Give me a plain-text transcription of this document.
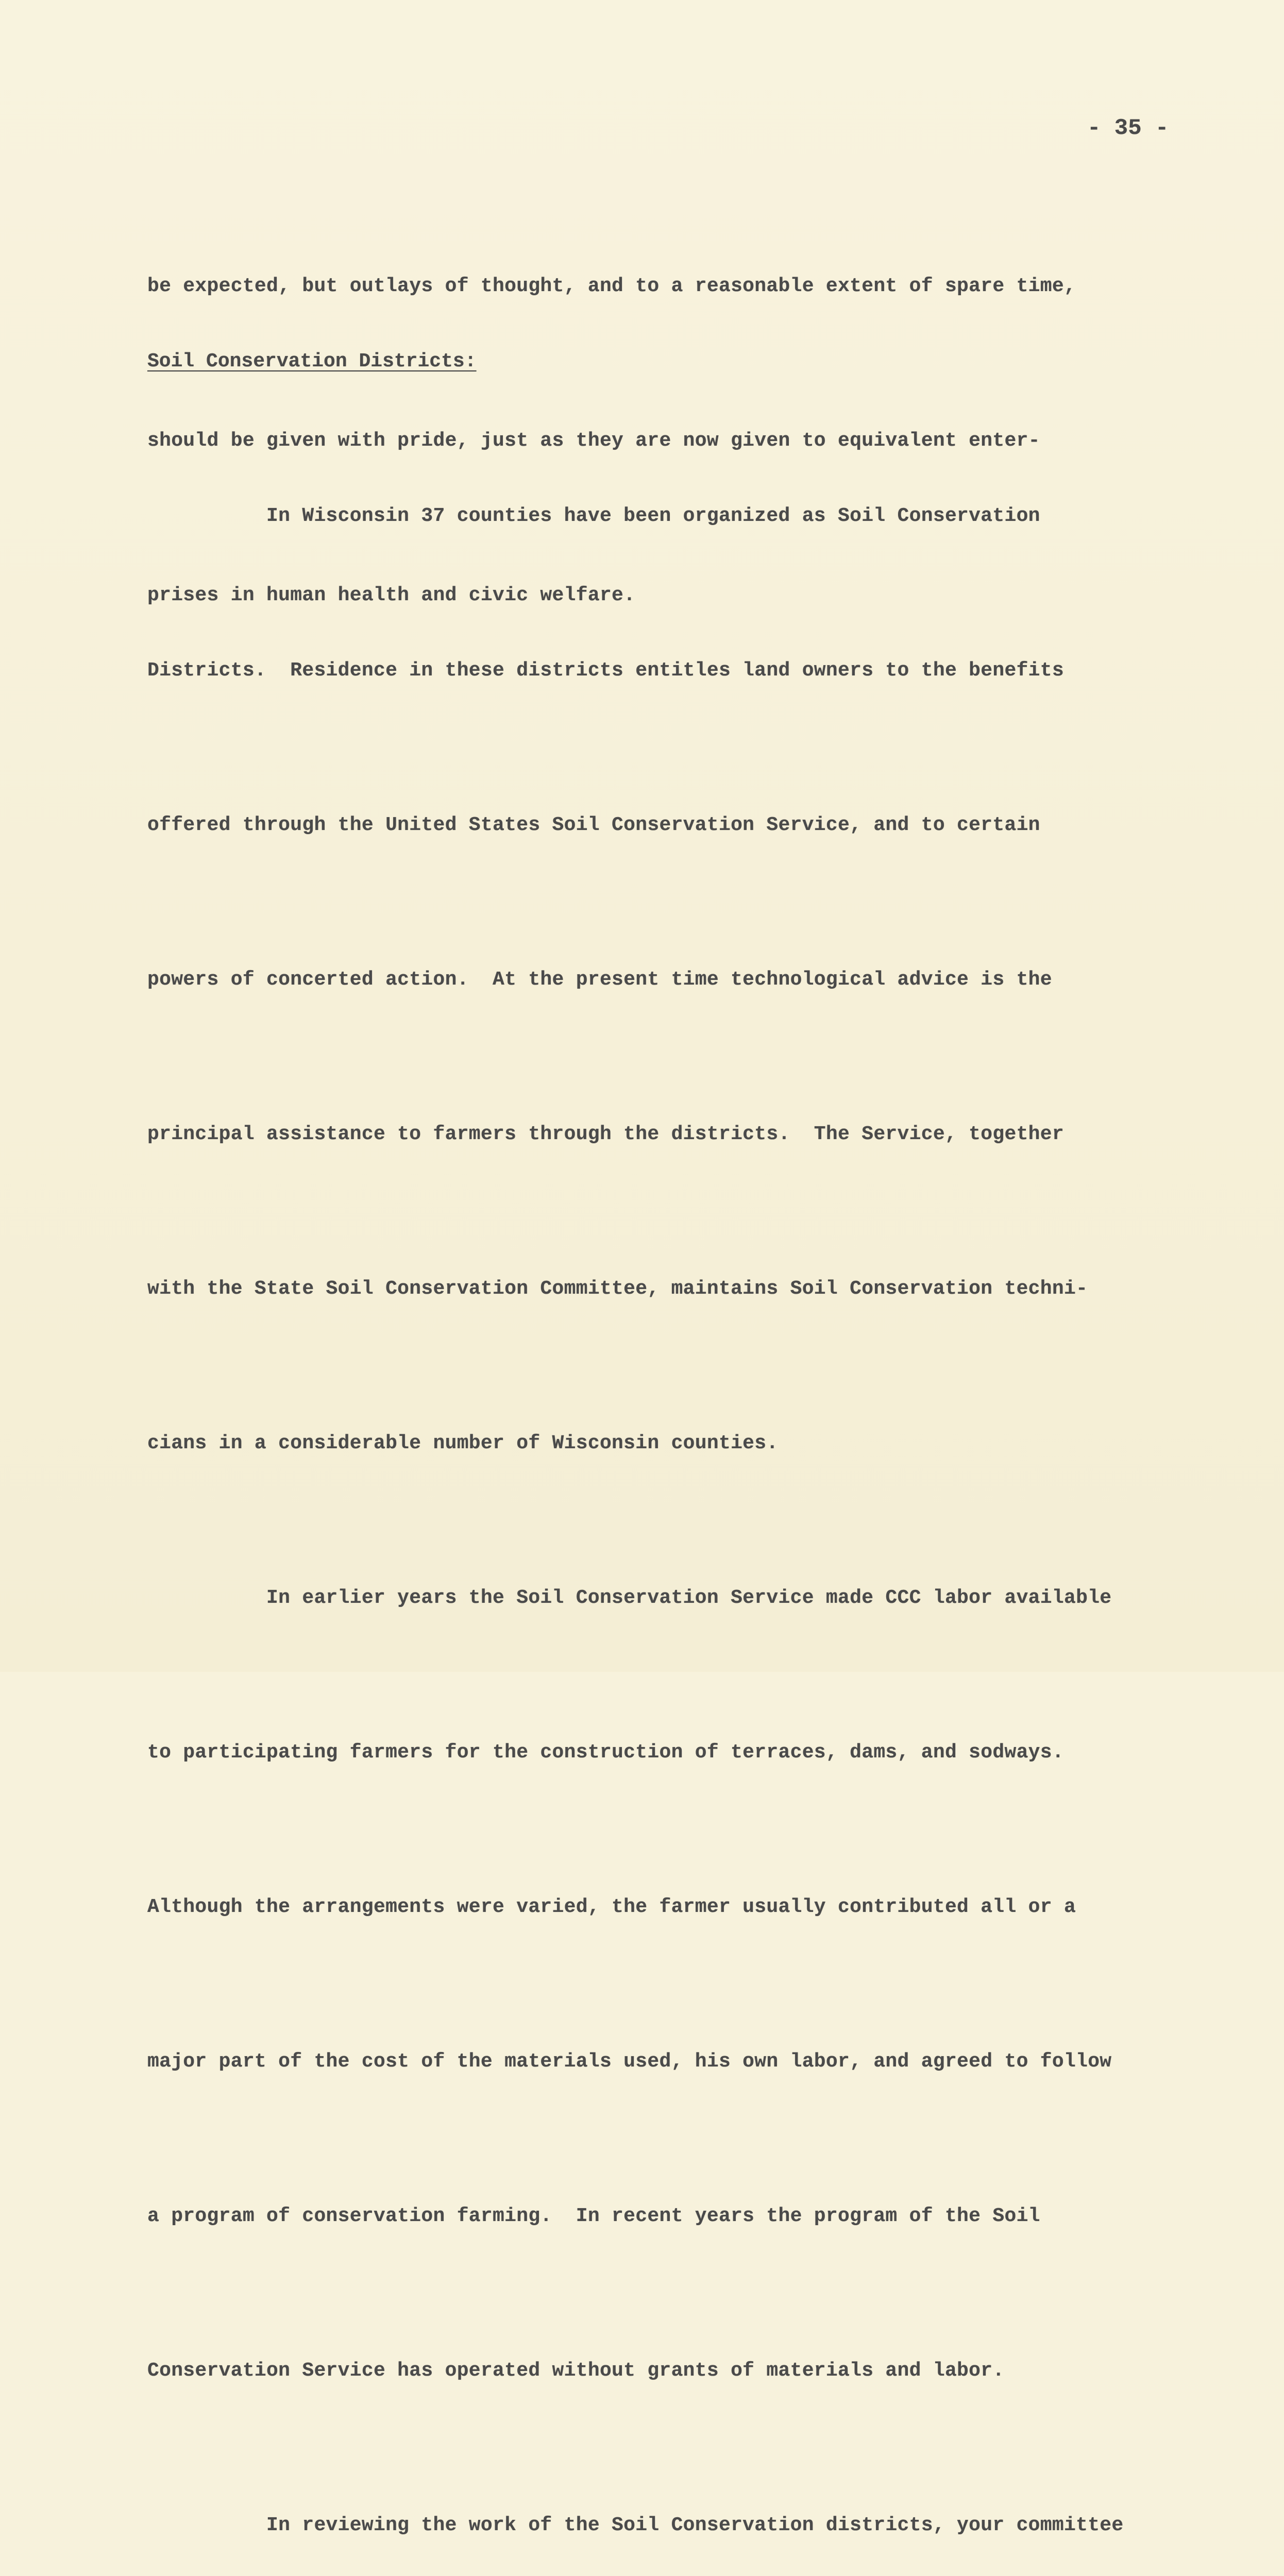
- 35 -

be expected, but outlays of thought, and to a reasonable extent of spare time,

should be given with pride, just as they are now given to equivalent enter-

prises in human health and civic welfare.

Soil Conservation Districts:

In Wisconsin 37 counties have been organized as Soil Conservation

Districts.  Residence in these districts entitles land owners to the benefits

offered through the United States Soil Conservation Service, and to certain

powers of concerted action.  At the present time technological advice is the

principal assistance to farmers through the districts.  The Service, together

with the State Soil Conservation Committee, maintains Soil Conservation techni-

cians in a considerable number of Wisconsin counties.

In earlier years the Soil Conservation Service made CCC labor available

to participating farmers for the construction of terraces, dams, and sodways.

Although the arrangements were varied, the farmer usually contributed all or a

major part of the cost of the materials used, his own labor, and agreed to follow

a program of conservation farming.  In recent years the program of the Soil

Conservation Service has operated without grants of materials and labor.

In reviewing the work of the Soil Conservation districts, your committee
